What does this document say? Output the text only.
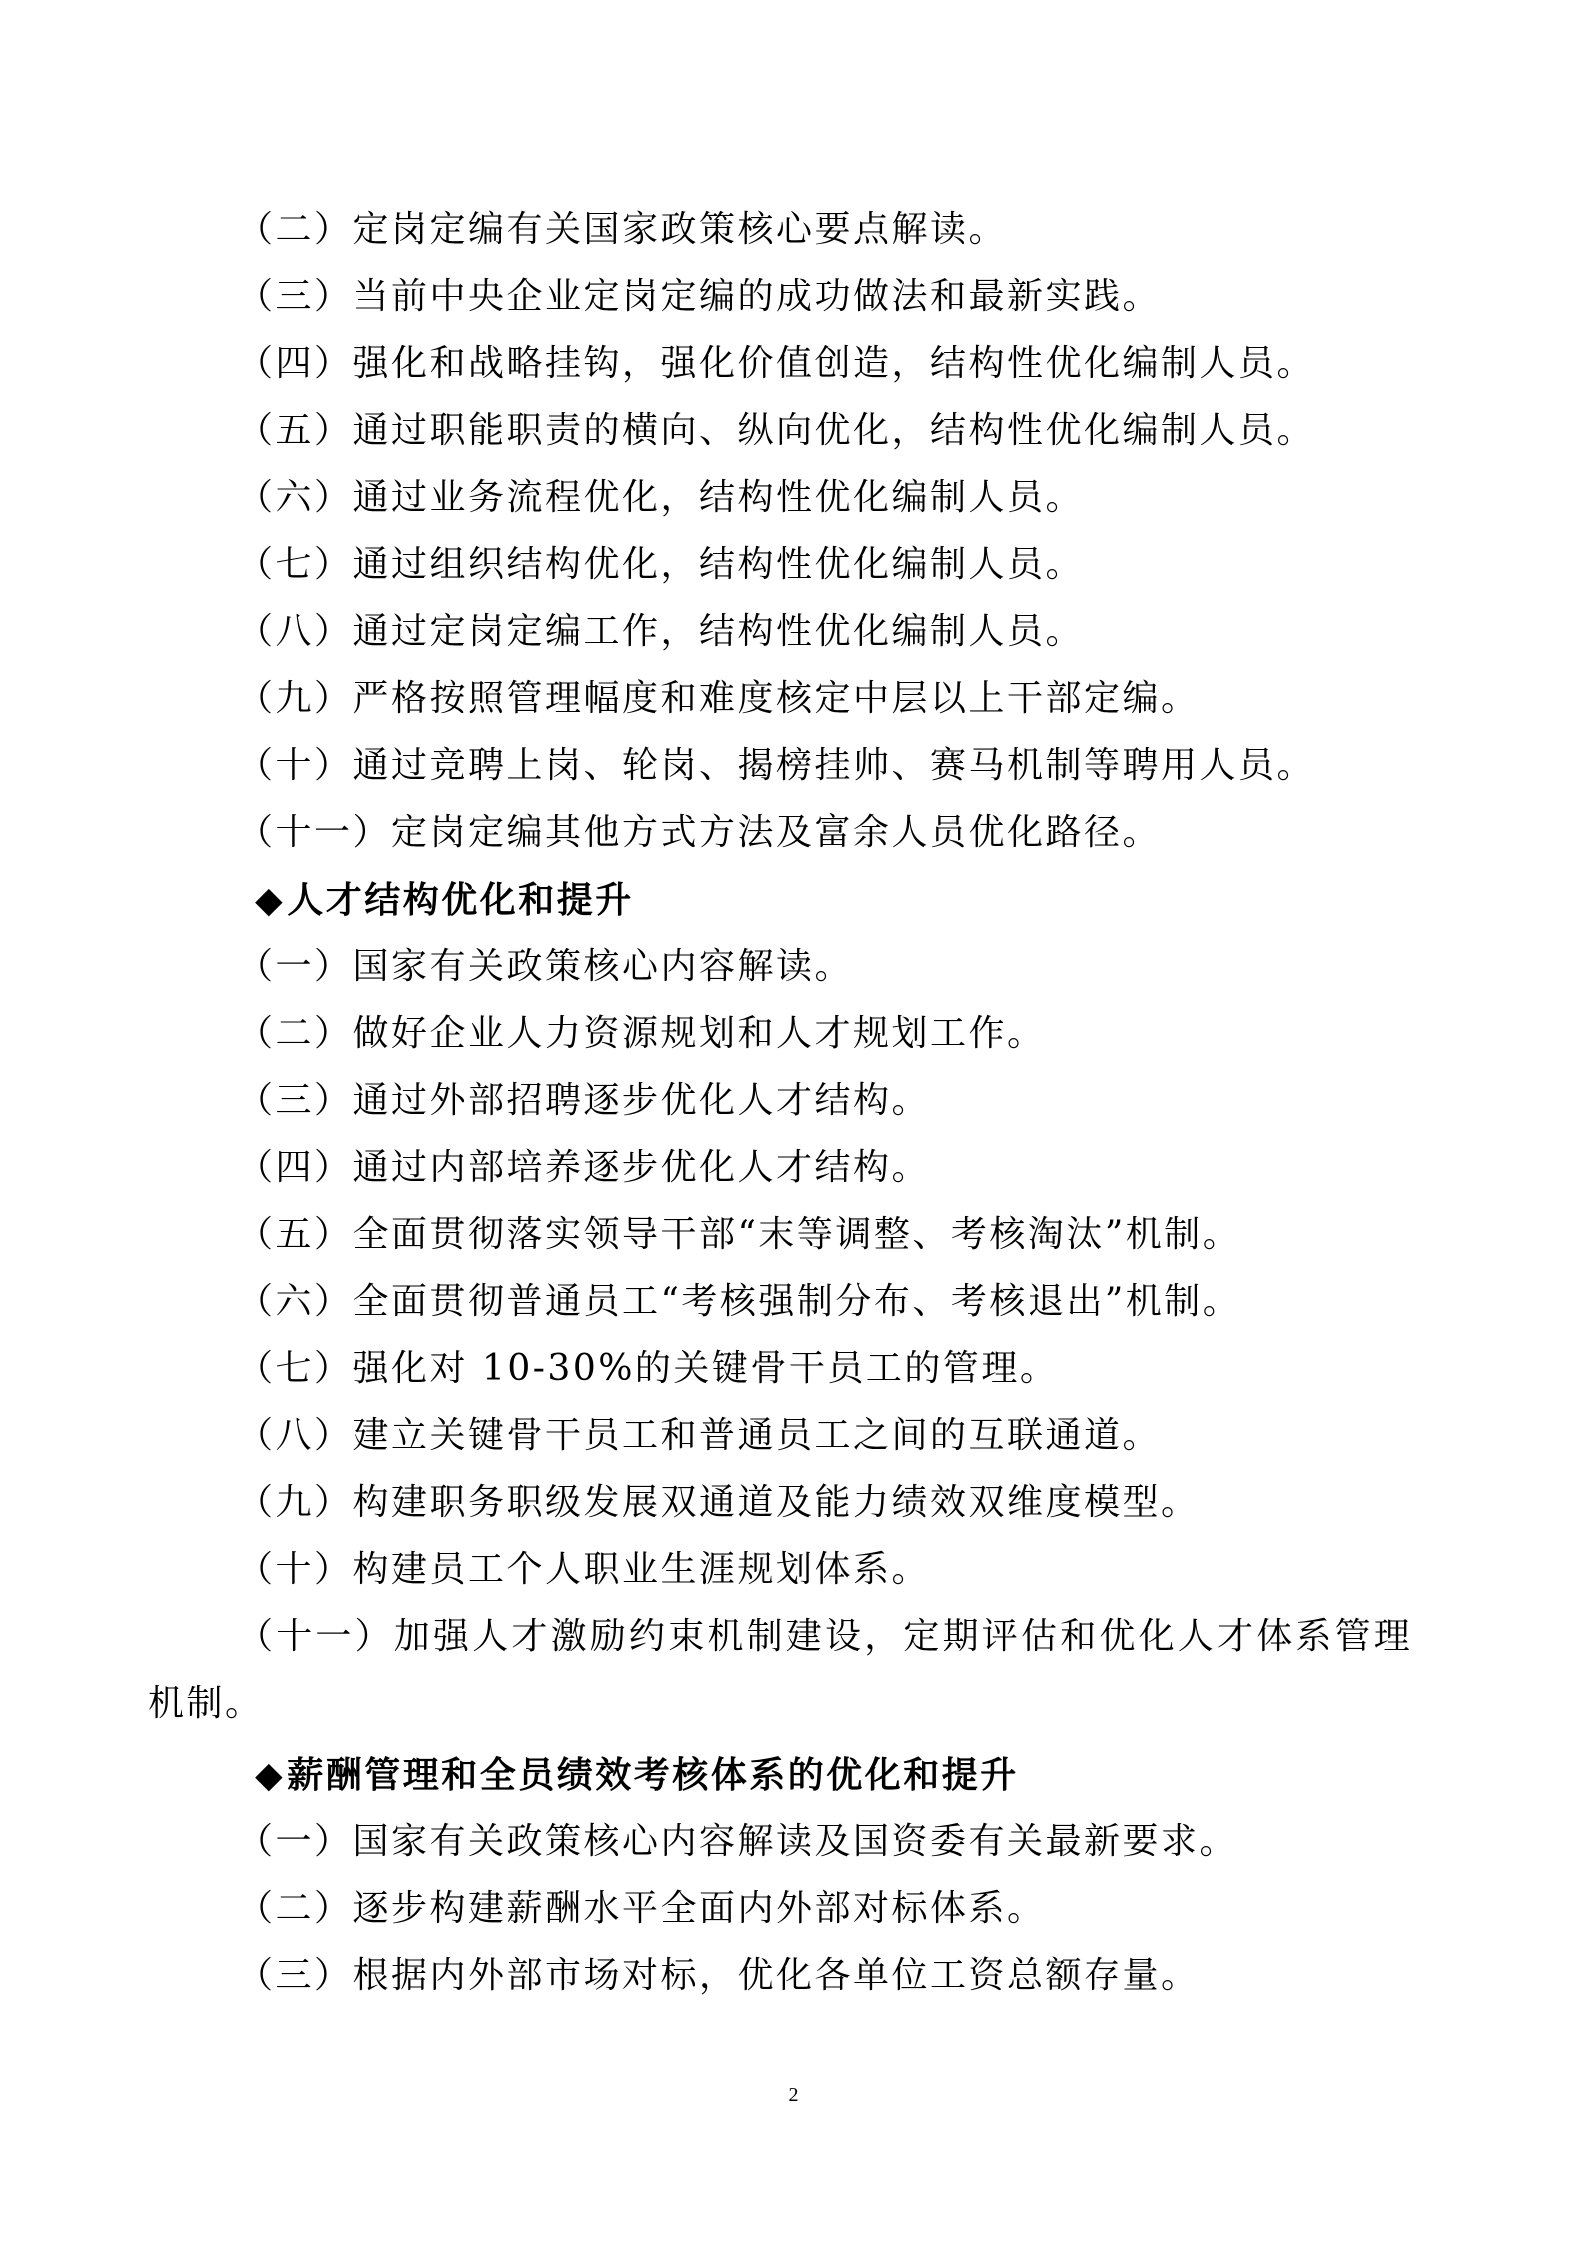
（二）定岗定编有关国家政策核心要点解读。
（三）当前中央企业定岗定编的成功做法和最新实践。
（四）强化和战略挂钩，强化价值创造，结构性优化编制人员。
（五）通过职能职责的横向、纵向优化，结构性优化编制人员。
（六）通过业务流程优化，结构性优化编制人员。
（七）通过组织结构优化，结构性优化编制人员。
（八）通过定岗定编工作，结构性优化编制人员。
（九）严格按照管理幅度和难度核定中层以上干部定编。
（十）通过竞聘上岗、轮岗、揭榜挂帅、赛马机制等聘用人员。
（十一）定岗定编其他方式方法及富余人员优化路径。
◆人才结构优化和提升
（一）国家有关政策核心内容解读。
（二）做好企业人力资源规划和人才规划工作。
（三）通过外部招聘逐步优化人才结构。
（四）通过内部培养逐步优化人才结构。
（五）全面贯彻落实领导干部“末等调整、考核淘汰”机制。
（六）全面贯彻普通员工“考核强制分布、考核退出”机制。
（七）强化对 10-30%的关键骨干员工的管理。
（八）建立关键骨干员工和普通员工之间的互联通道。
（九）构建职务职级发展双通道及能力绩效双维度模型。
（十）构建员工个人职业生涯规划体系。
（十一）加强人才激励约束机制建设，定期评估和优化人才体系管理
机制。
◆薪酬管理和全员绩效考核体系的优化和提升
（一）国家有关政策核心内容解读及国资委有关最新要求。
（二）逐步构建薪酬水平全面内外部对标体系。
（三）根据内外部市场对标，优化各单位工资总额存量。
2
